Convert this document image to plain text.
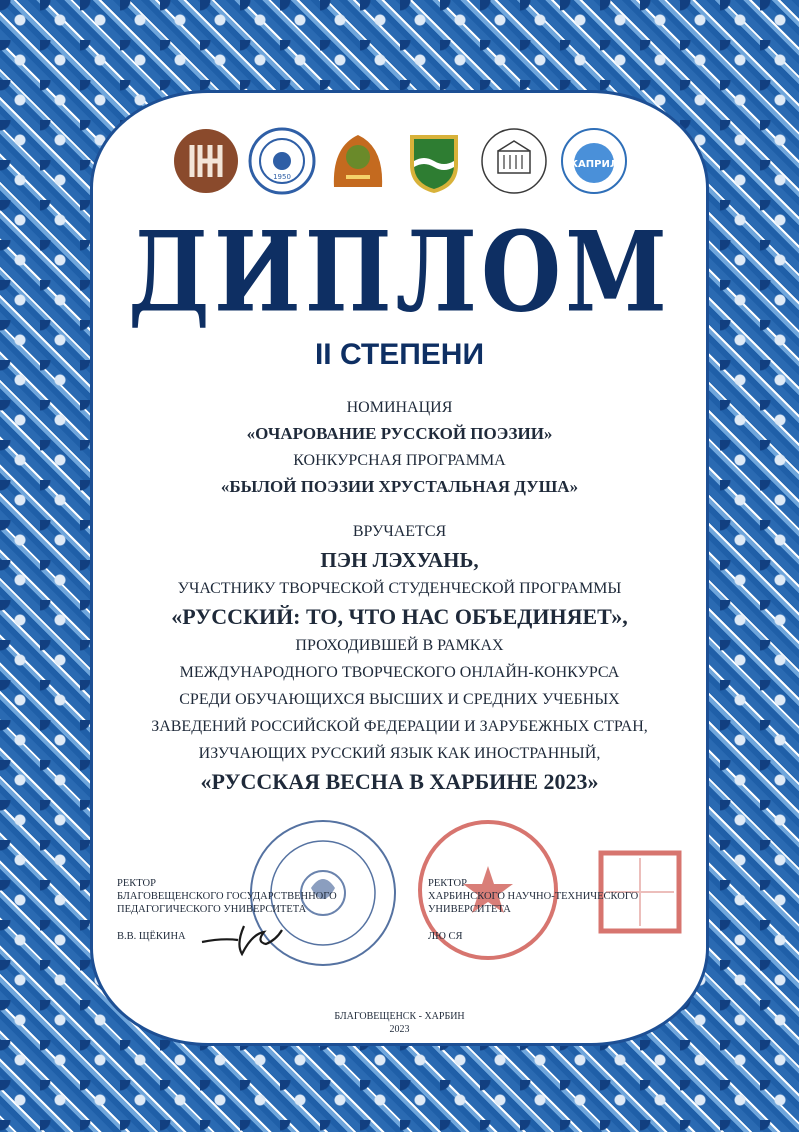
1950
КАПРИЛ
ДИПЛОМ
II СТЕПЕНИ
НОМИНАЦИЯ
«ОЧАРОВАНИЕ РУССКОЙ ПОЭЗИИ»
КОНКУРСНАЯ ПРОГРАММА
«БЫЛОЙ ПОЭЗИИ ХРУСТАЛЬНАЯ ДУША»
ВРУЧАЕТСЯ
ПЭН ЛЭХУАНЬ,
УЧАСТНИКУ ТВОРЧЕСКОЙ СТУДЕНЧЕСКОЙ ПРОГРАММЫ
«РУССКИЙ: ТО, ЧТО НАС ОБЪЕДИНЯЕТ»,
ПРОХОДИВШЕЙ В РАМКАХ
МЕЖДУНАРОДНОГО ТВОРЧЕСКОГО ОНЛАЙН-КОНКУРСА
СРЕДИ ОБУЧАЮЩИХСЯ ВЫСШИХ И СРЕДНИХ УЧЕБНЫХ
ЗАВЕДЕНИЙ РОССИЙСКОЙ ФЕДЕРАЦИИ И ЗАРУБЕЖНЫХ СТРАН,
ИЗУЧАЮЩИХ РУССКИЙ ЯЗЫК КАК ИНОСТРАННЫЙ,
«РУССКАЯ ВЕСНА В ХАРБИНЕ 2023»
РЕКТОР
БЛАГОВЕЩЕНСКОГО ГОСУДАРСТВЕННОГО
ПЕДАГОГИЧЕСКОГО УНИВЕРСИТЕТА
В.В. ЩЁКИНА
РЕКТОР
ХАРБИНСКОГО НАУЧНО-ТЕХНИЧЕСКОГО
УНИВЕРСИТЕТА
ЛЮ СЯ
БЛАГОВЕЩЕНСК - ХАРБИН
2023
